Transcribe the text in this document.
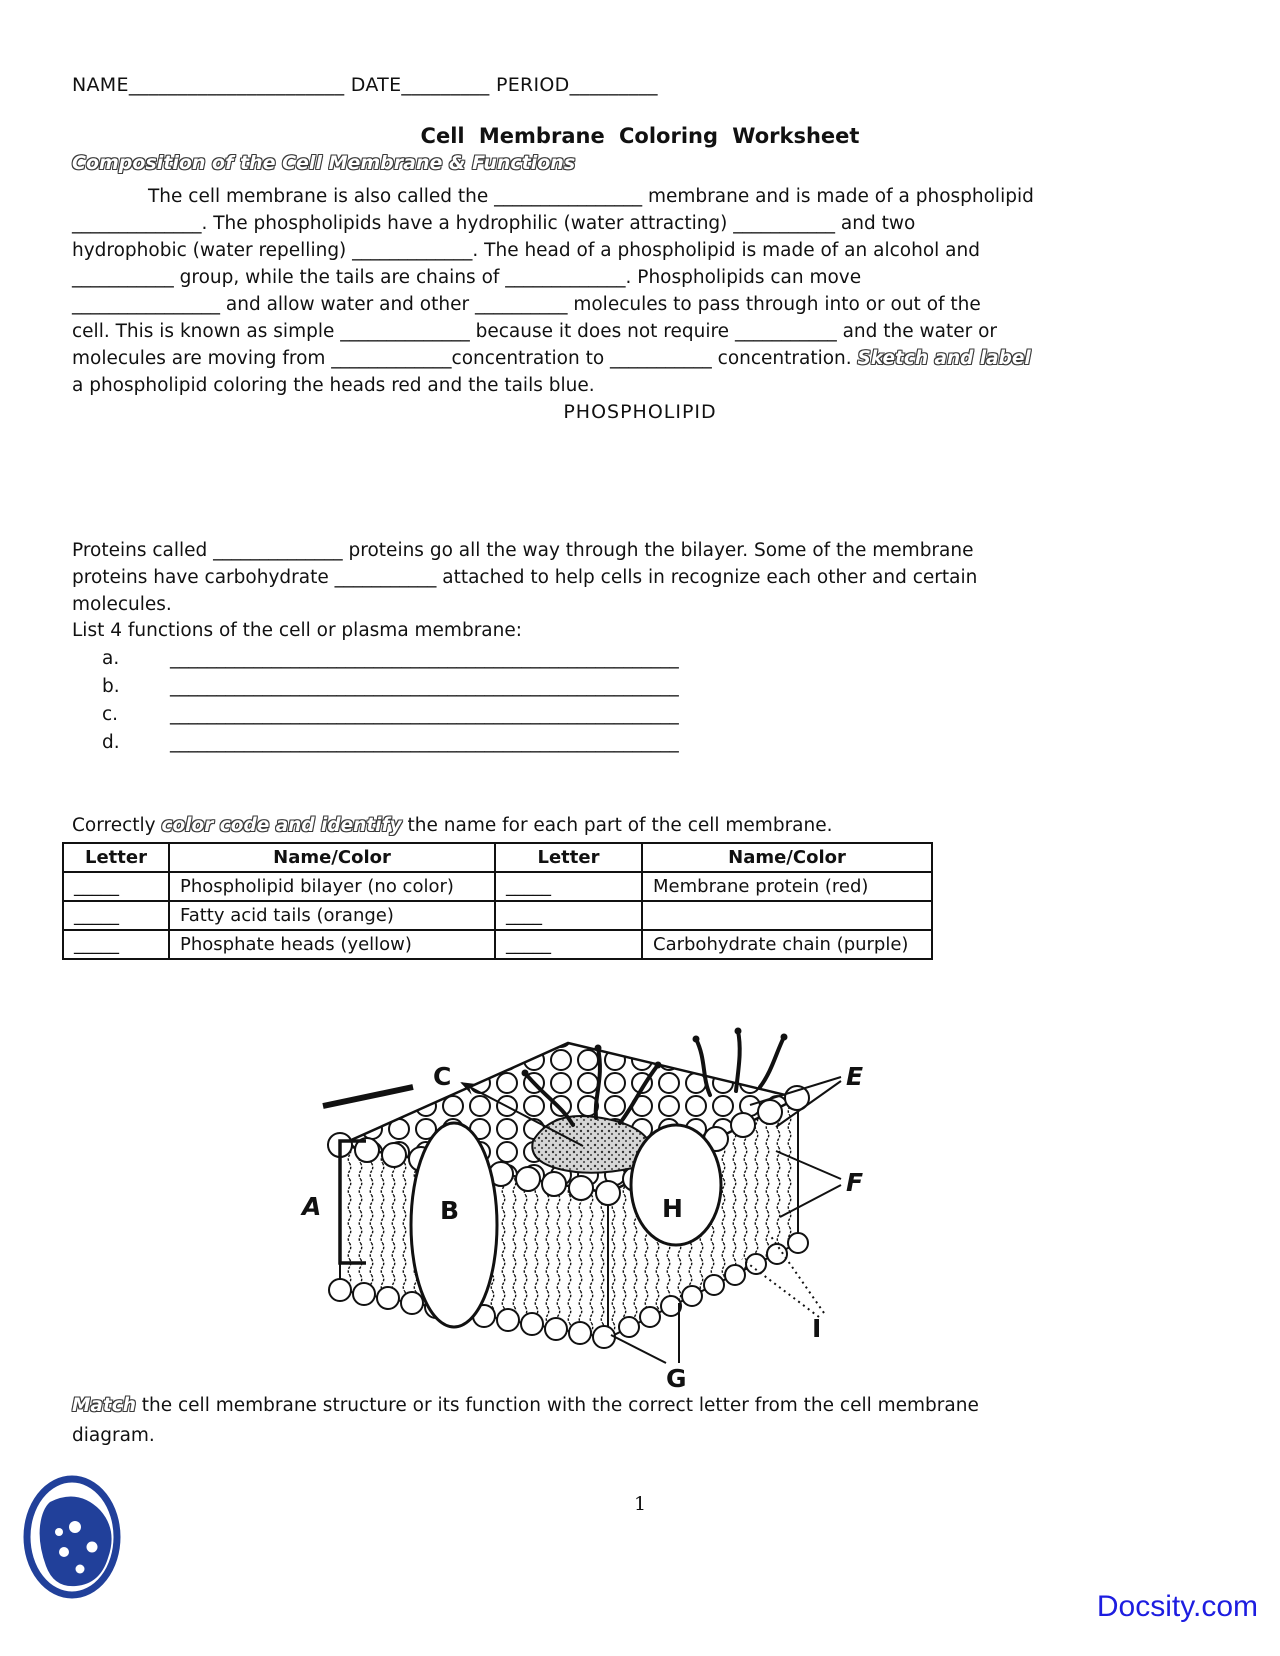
NAME______________________ DATE_________ PERIOD_________
Cell Membrane Coloring Worksheet
Composition of the Cell Membrane & Functions
The cell membrane is also called the ________________ membrane and is made of a phospholipid
______________. The phospholipids have a hydrophilic (water attracting) ___________ and two
hydrophobic (water repelling) _____________. The head of a phospholipid is made of an alcohol and
___________ group, while the tails are chains of _____________. Phospholipids can move
________________ and allow water and other __________ molecules to pass through into or out of the
cell. This is known as simple ______________ because it does not require ___________ and the water or
molecules are moving from _____________concentration to ___________ concentration. Sketch and label
a phospholipid coloring the heads red and the tails blue.
PHOSPHOLIPID
Proteins called ______________ proteins go all the way through the bilayer. Some of the membrane
proteins have carbohydrate ___________ attached to help cells in recognize each other and certain
molecules.
List 4 functions of the cell or plasma membrane:
a.	_______________________________________________________
b.	_______________________________________________________
c.	_______________________________________________________
d.	_______________________________________________________
Correctly color code and identify the name for each part of the cell membrane.
Letter	Name/Color	Letter	Name/Color
_____	Phospholipid bilayer (no color)	_____	Membrane protein (red)
_____	Fatty acid tails (orange)	____	
_____	Phosphate heads (yellow)	_____	Carbohydrate chain (purple)
A	B
C	E
F
G
H
I
Match the cell membrane structure or its function with the correct letter from the cell membrane
diagram.
1
Docsity.com
